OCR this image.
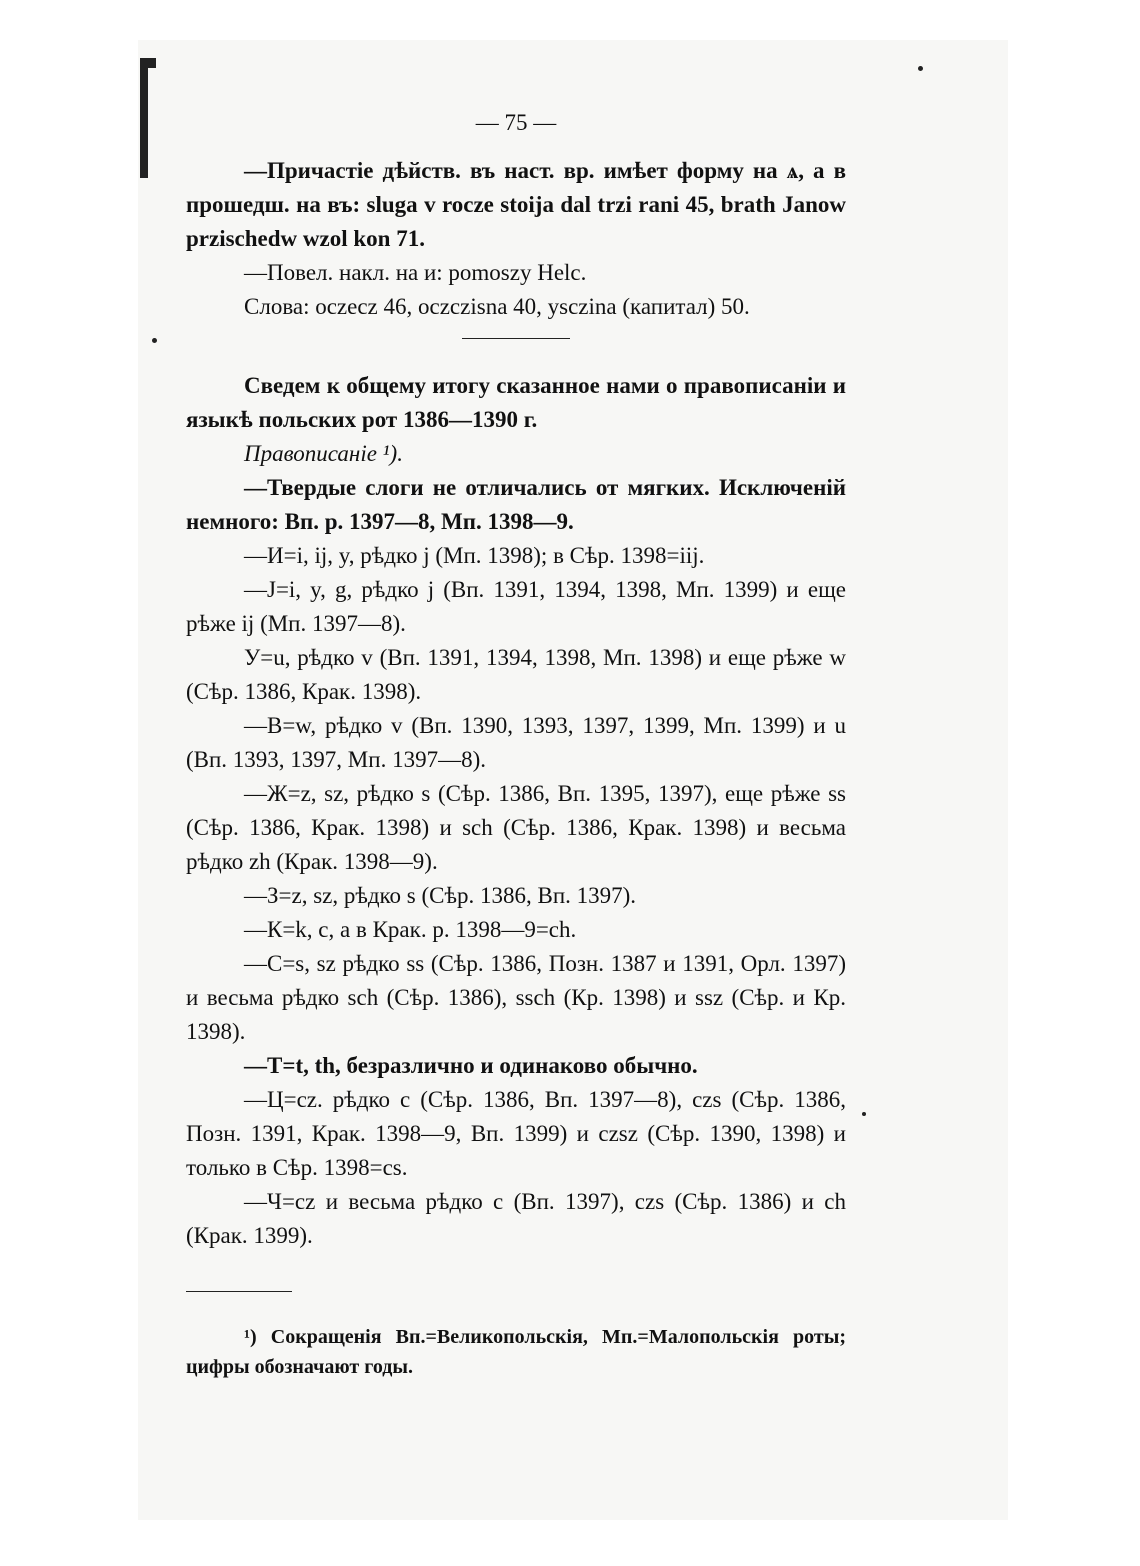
— 75 —

—Причастіе дѣйств. въ наст. вр. имѣет форму на ѧ, а в прошедш. на въ: sluga v rocze stoija dal trzi rani 45, brath Janow przischedw wzol kon 71.

—Повел. накл. на и: pomoszy Helc.

Слова: oczecz 46, oczczisna 40, ysczina (капитал) 50.

Сведем к общему итогу сказанное нами о правописаніи и языкѣ польских рот 1386—1390 г.

Правописаніе ¹).

—Твердые слоги не отличались от мягких. Исключеній немного: Вп. р. 1397—8, Мп. 1398—9.

—И=i, ij, y, рѣдко j (Мп. 1398); в Сѣр. 1398=iij.

—J=i, y, g, рѣдко j (Вп. 1391, 1394, 1398, Мп. 1399) и еще рѣже ij (Мп. 1397—8).

У=u, рѣдко v (Вп. 1391, 1394, 1398, Мп. 1398) и еще рѣже w (Сѣр. 1386, Крак. 1398).

—В=w, рѣдко v (Вп. 1390, 1393, 1397, 1399, Мп. 1399) и u (Вп. 1393, 1397, Мп. 1397—8).

—Ж=z, sz, рѣдко s (Сѣр. 1386, Вп. 1395, 1397), еще рѣже ss (Сѣр. 1386, Крак. 1398) и sch (Сѣр. 1386, Крак. 1398) и весьма рѣдко zh (Крак. 1398—9).

—З=z, sz, рѣдко s (Сѣр. 1386, Вп. 1397).

—К=k, c, а в Крак. р. 1398—9=ch.

—С=s, sz рѣдко ss (Сѣр. 1386, Позн. 1387 и 1391, Орл. 1397) и весьма рѣдко sch (Сѣр. 1386), ssch (Кр. 1398) и ssz (Сѣр. и Кр. 1398).

—Т=t, th, безразлично и одинаково обычно.

—Ц=cz. рѣдко c (Сѣр. 1386, Вп. 1397—8), czs (Сѣр. 1386, Позн. 1391, Крак. 1398—9, Вп. 1399) и czsz (Сѣр. 1390, 1398) и только в Сѣр. 1398=cs.

—Ч=cz и весьма рѣдко c (Вп. 1397), czs (Сѣр. 1386) и ch (Крак. 1399).

¹) Сокращенія Вп.=Великопольскія, Мп.=Малопольскія роты; цифры обозначают годы.
